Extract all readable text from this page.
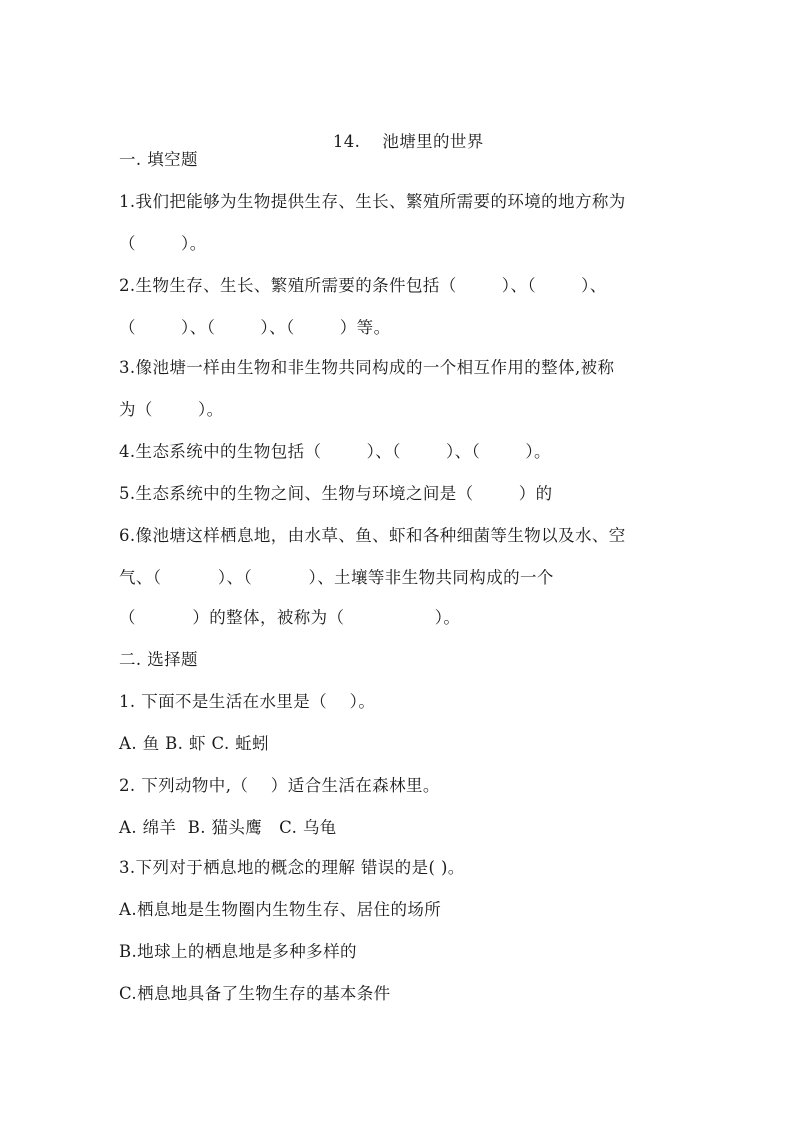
14. 池塘里的世界

一. 填空题
1.我们把能够为生物提供生存、生长、繁殖所需要的环境的地方称为
（        ）。
2.生物生存、生长、繁殖所需要的条件包括（        ）、（        ）、
（        ）、（        ）、（        ）等。
3.像池塘一样由生物和非生物共同构成的一个相互作用的整体,被称
为（        ）。
4.生态系统中的生物包括（        ）、（        ）、（        ）。
5.生态系统中的生物之间、生物与环境之间是（        ）的
6.像池塘这样栖息地，由水草、鱼、虾和各种细菌等生物以及水、空
气、（          ）、（          ）、土壤等非生物共同构成的一个
（          ）的整体，被称为（                ）。
二. 选择题
1. 下面不是生活在水里是（    ）。
A. 鱼 B. 虾 C. 蚯蚓
2. 下列动物中,（    ）适合生活在森林里。
A. 绵羊  B. 猫头鹰   C. 乌龟
3.下列对于栖息地的概念的理解 错误的是( )。
A.栖息地是生物圈内生物生存、居住的场所
B.地球上的栖息地是多种多样的
C.栖息地具备了生物生存的基本条件
